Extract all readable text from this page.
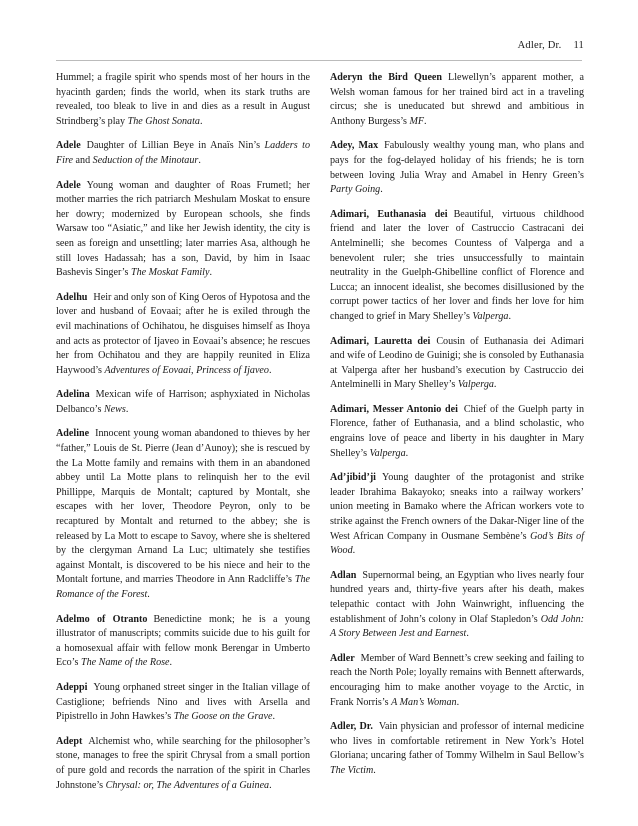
Adler, Dr. 11

Hummel; a fragile spirit who spends most of her hours in the hyacinth garden; finds the world, when its stark truths are revealed, too bleak to live in and dies as a result in August Strindberg’s play The Ghost Sonata.

Adele Daughter of Lillian Beye in Anaïs Nin’s Ladders to Fire and Seduction of the Minotaur.

Adele Young woman and daughter of Roas Frumetl; her mother marries the rich patriarch Meshulam Moskat to ensure her dowry; modernized by European schools, she finds Warsaw too “Asiatic,” and like her Jewish identity, the city is seen as foreign and unsettling; later marries Asa, although he still loves Hadassah; has a son, David, by him in Isaac Bashevis Singer’s The Moskat Family.

Adelhu Heir and only son of King Oeros of Hypotosa and the lover and husband of Eovaai; after he is exiled through the evil machinations of Ochihatou, he disguises himself as Ihoya and acts as protector of Ijaveo in Eovaai’s absence; he rescues her from Ochihatou and they are happily reunited in Eliza Haywood’s Adventures of Eovaai, Princess of Ijaveo.

Adelina Mexican wife of Harrison; asphyxiated in Nicholas Delbanco’s News.

Adeline Innocent young woman abandoned to thieves by her “father,” Louis de St. Pierre (Jean d’Aunoy); she is rescued by the La Motte family and remains with them in an abandoned abbey until La Motte plans to relinquish her to the evil Phillippe, Marquis de Montalt; captured by Montalt, she escapes with her lover, Theodore Peyron, only to be recaptured by Montalt and returned to the abbey; she is released by La Mott to escape to Savoy, where she is sheltered by the clergyman Arnand La Luc; ultimately she testifies against Montalt, is discovered to be his niece and heir to the Montalt fortune, and marries Theodore in Ann Radcliffe’s The Romance of the Forest.

Adelmo of Otranto Benedictine monk; he is a young illustrator of manuscripts; commits suicide due to his guilt for a homosexual affair with fellow monk Berengar in Umberto Eco’s The Name of the Rose.

Adeppi Young orphaned street singer in the Italian village of Castiglione; befriends Nino and lives with Arsella and Pipistrello in John Hawkes’s The Goose on the Grave.

Adept Alchemist who, while searching for the philosopher’s stone, manages to free the spirit Chrysal from a small portion of pure gold and records the narration of the spirit in Charles Johnstone’s Chrysal: or, The Adventures of a Guinea.

Aderyn the Bird Queen Llewellyn’s apparent mother, a Welsh woman famous for her trained bird act in a traveling circus; she is uneducated but shrewd and ambitious in Anthony Burgess’s MF.

Adey, Max Fabulously wealthy young man, who plans and pays for the fog-delayed holiday of his friends; he is torn between loving Julia Wray and Amabel in Henry Green’s Party Going.

Adimari, Euthanasia dei Beautiful, virtuous childhood friend and later the lover of Castruccio Castracani dei Antelminelli; she becomes Countess of Valperga and a benevolent ruler; she tries unsuccessfully to maintain neutrality in the Guelph-Ghibelline conflict of Florence and Lucca; an innocent idealist, she becomes disillusioned by the corrupt power tactics of her lover and finds her love for him changed to grief in Mary Shelley’s Valperga.

Adimari, Lauretta dei Cousin of Euthanasia dei Adimari and wife of Leodino de Guinigi; she is consoled by Euthanasia at Valperga after her husband’s execution by Castruccio dei Antelminelli in Mary Shelley’s Valperga.

Adimari, Messer Antonio dei Chief of the Guelph party in Florence, father of Euthanasia, and a blind scholastic, who engrains love of peace and liberty in his daughter in Mary Shelley’s Valperga.

Ad’jibid’ji Young daughter of the protagonist and strike leader Ibrahima Bakayoko; sneaks into a railway workers’ union meeting in Bamako where the African workers vote to strike against the French owners of the Dakar-Niger line of the West African Company in Ousmane Sembène’s God’s Bits of Wood.

Adlan Supernormal being, an Egyptian who lives nearly four hundred years and, thirty-five years after his death, makes telepathic contact with John Wainwright, influencing the establishment of John’s colony in Olaf Stapledon’s Odd John: A Story Between Jest and Earnest.

Adler Member of Ward Bennett’s crew seeking and failing to reach the North Pole; loyally remains with Bennett afterwards, encouraging him to make another voyage to the Arctic, in Frank Norris’s A Man’s Woman.

Adler, Dr. Vain physician and professor of internal medicine who lives in comfortable retirement in New York’s Hotel Gloriana; uncaring father of Tommy Wilhelm in Saul Bellow’s The Victim.
